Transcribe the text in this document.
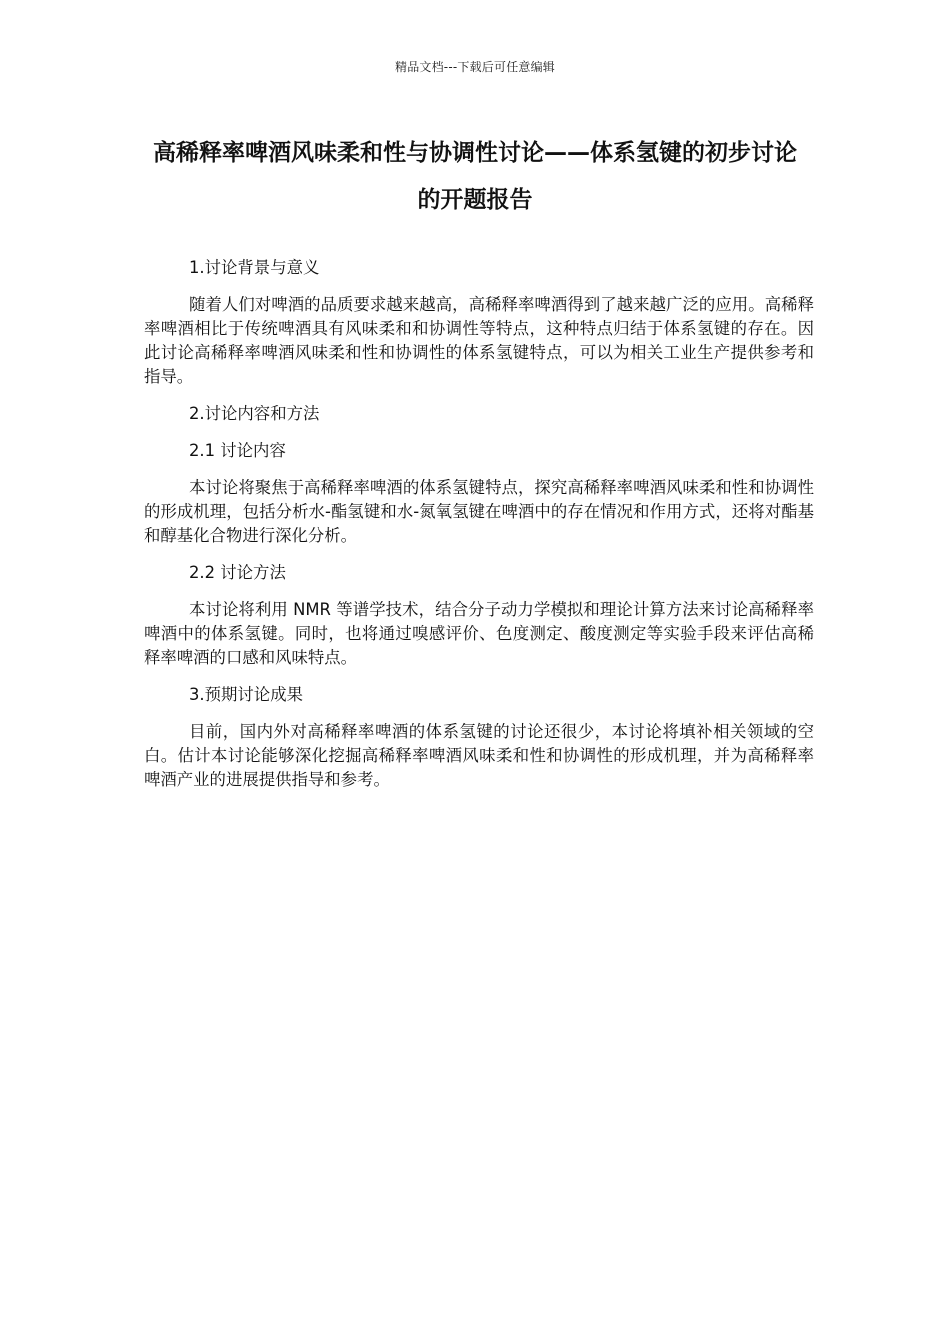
精品文档---下载后可任意编辑
高稀释率啤酒风味柔和性与协调性讨论——体系氢键的初步讨论的开题报告

1.讨论背景与意义

随着人们对啤酒的品质要求越来越高，高稀释率啤酒得到了越来越广泛的应用。高稀释率啤酒相比于传统啤酒具有风味柔和和协调性等特点，这种特点归结于体系氢键的存在。因此讨论高稀释率啤酒风味柔和性和协调性的体系氢键特点，可以为相关工业生产提供参考和指导。

2.讨论内容和方法

2.1 讨论内容

本讨论将聚焦于高稀释率啤酒的体系氢键特点，探究高稀释率啤酒风味柔和性和协调性的形成机理，包括分析水-酯氢键和水-氮氧氢键在啤酒中的存在情况和作用方式，还将对酯基和醇基化合物进行深化分析。

2.2 讨论方法

本讨论将利用 NMR 等谱学技术，结合分子动力学模拟和理论计算方法来讨论高稀释率啤酒中的体系氢键。同时，也将通过嗅感评价、色度测定、酸度测定等实验手段来评估高稀释率啤酒的口感和风味特点。

3.预期讨论成果

目前，国内外对高稀释率啤酒的体系氢键的讨论还很少，本讨论将填补相关领域的空白。估计本讨论能够深化挖掘高稀释率啤酒风味柔和性和协调性的形成机理，并为高稀释率啤酒产业的进展提供指导和参考。
